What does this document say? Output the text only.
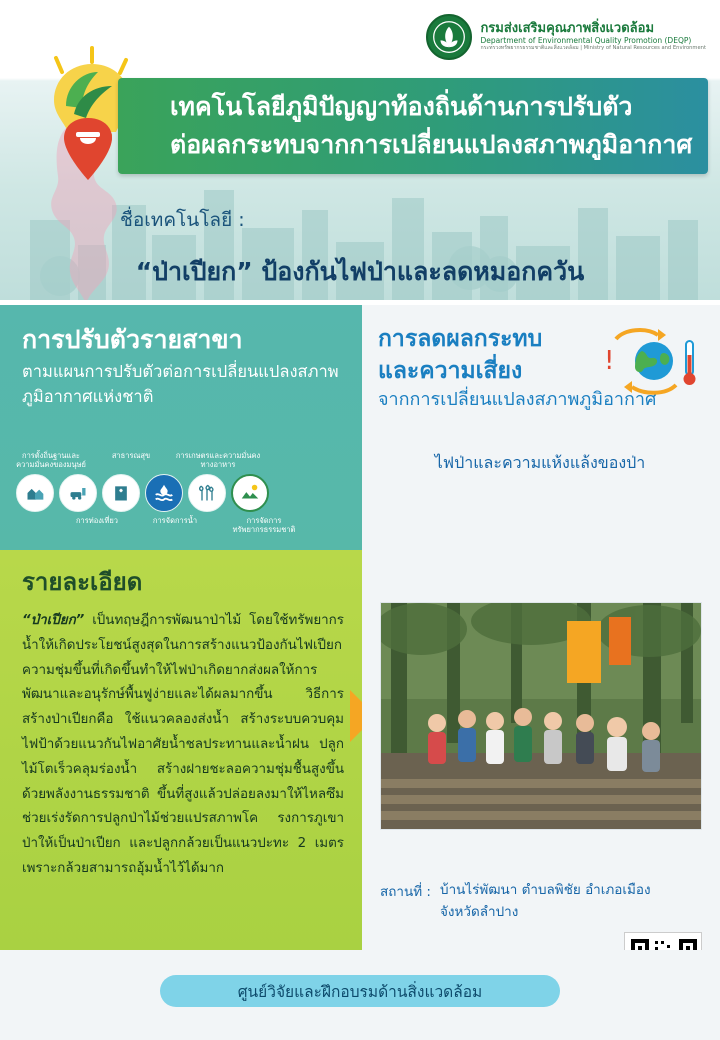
กรมส่งเสริมคุณภาพสิ่งแวดล้อม
Department of Environmental Quality Promotion (DEQP)
กระทรวงทรัพยากรธรรมชาติและสิ่งแวดล้อม | Ministry of Natural Resources and Environment
เทคโนโลยีภูมิปัญญาท้องถิ่นด้านการปรับตัว
ต่อผลกระทบจากการเปลี่ยนแปลงสภาพภูมิอากาศ
ชื่อเทคโนโลยี :
“ป่าเปียก” ป้องกันไฟป่าและลดหมอกควัน
การปรับตัวรายสาขา
ตามแผนการปรับตัวต่อการเปลี่ยนแปลงสภาพภูมิอากาศแห่งชาติ
การตั้งถิ่นฐานและความมั่นคงของมนุษย์
สาธารณสุข	การเกษตรและความมั่นคงทางอาหาร
การท่องเที่ยว	การจัดการน้ำ	การจัดการทรัพยากรธรรมชาติ
การลดผลกระทบ
และความเสี่ยง
จากการเปลี่ยนแปลงสภาพภูมิอากาศ
ไฟป่าและความแห้งแล้งของป่า
!
รายละเอียด

“ป่าเปียก” เป็นทฤษฎีการพัฒนาป่าไม้ โดยใช้ทรัพยากรน้ำให้เกิดประโยชน์สูงสุดในการสร้างแนวป้องกันไฟเปียก ความชุ่มขึ้นที่เกิดขึ้นทำให้ไฟป่าเกิดยากส่งผลให้การพัฒนาและอนุรักษ์พื้นฟูง่ายและได้ผลมากขึ้น วิธีการสร้างป่าเปียกคือ ใช้แนวคลองส่งน้ำ สร้างระบบควบคุมไฟป้าด้วยแนวกันไฟอาศัยน้ำชลประทานและน้ำฝน ปลูกไม้โตเร็วคลุมร่องน้ำ สร้างฝายชะลอความชุ่มชื้นสูงขึ้นด้วยพลังงานธรรมชาติ ขึ้นที่สูงแล้วปล่อยลงมาให้ไหลซึม ช่วยเร่งรัดการปลูกป่าไม้ช่วยแปรสภาพโค รงการภูเขาป่าให้เป็นป่าเปียก และปลูกกล้วยเป็นแนวปะทะ 2 เมตร เพราะกล้วยสามารถอุ้มน้ำไว้ได้มาก

สถานที่ : บ้านไร่พัฒนา ตำบลพิชัย อำเภอเมือง
จังหวัดลำปาง
ศูนย์วิจัยและฝึกอบรมด้านสิ่งแวดล้อม
